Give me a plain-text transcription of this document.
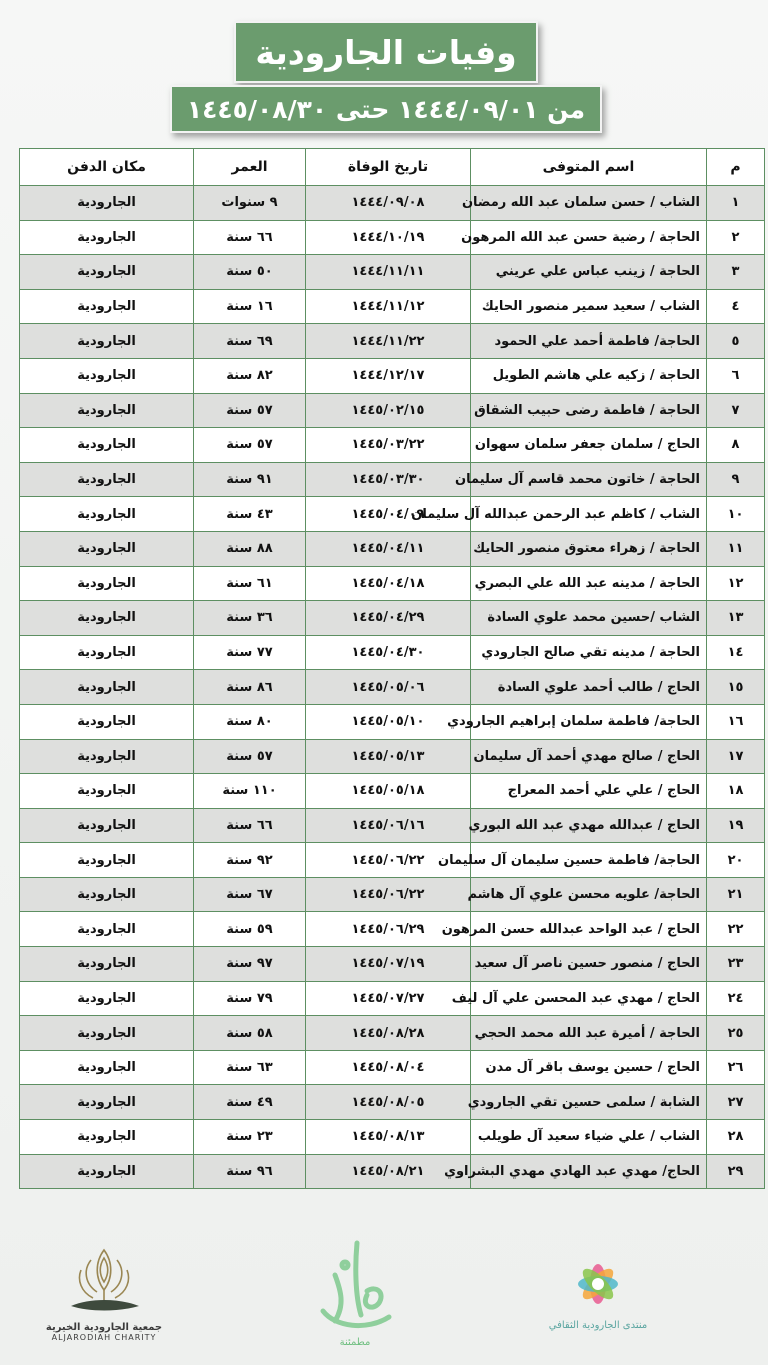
وفيات الجارودية
من ١٤٤٤/٠٩/٠١ حتى ١٤٤٥/٠٨/٣٠
م	اسم المتوفى	تاريخ الوفاة	العمر	مكان الدفن
١	الشاب / حسن سلمان عبد الله رمضان	١٤٤٤/٠٩/٠٨	٩ سنوات	الجارودية
٢	الحاجة / رضية حسن عبد الله المرهون	١٤٤٤/١٠/١٩	٦٦ سنة	الجارودية
٣	الحاجة / زينب عباس علي عريني	١٤٤٤/١١/١١	٥٠ سنة	الجارودية
٤	الشاب / سعيد سمير منصور الحايك	١٤٤٤/١١/١٢	١٦ سنة	الجارودية
٥	الحاجة/ فاطمة أحمد علي الحمود	١٤٤٤/١١/٢٢	٦٩ سنة	الجارودية
٦	الحاجة / زكيه علي هاشم الطويل	١٤٤٤/١٢/١٧	٨٢ سنة	الجارودية
٧	الحاجة / فاطمة رضى حبيب الشقاق	١٤٤٥/٠٢/١٥	٥٧ سنة	الجارودية
٨	الحاج / سلمان جعفر سلمان سهوان	١٤٤٥/٠٣/٢٢	٥٧ سنة	الجارودية
٩	الحاجة / خاتون محمد قاسم آل سليمان	١٤٤٥/٠٣/٣٠	٩١ سنة	الجارودية
١٠	الشاب / كاظم عبد الرحمن عبدالله آل سليمان	١٤٤٥/٠٤/٠٩	٤٣ سنة	الجارودية
١١	الحاجة / زهراء معتوق منصور الحايك	١٤٤٥/٠٤/١١	٨٨ سنة	الجارودية
١٢	الحاجة / مدينه عبد الله علي البصري	١٤٤٥/٠٤/١٨	٦١ سنة	الجارودية
١٣	الشاب /حسين محمد علوي السادة	١٤٤٥/٠٤/٢٩	٣٦ سنة	الجارودية
١٤	الحاجة / مدينه تقي صالح الجارودي	١٤٤٥/٠٤/٣٠	٧٧ سنة	الجارودية
١٥	الحاج / طالب أحمد علوي السادة	١٤٤٥/٠٥/٠٦	٨٦ سنة	الجارودية
١٦	الحاجة/ فاطمة سلمان إبراهيم الجارودي	١٤٤٥/٠٥/١٠	٨٠ سنة	الجارودية
١٧	الحاج / صالح مهدي أحمد آل سليمان	١٤٤٥/٠٥/١٣	٥٧ سنة	الجارودية
١٨	الحاج / علي علي أحمد المعراج	١٤٤٥/٠٥/١٨	١١٠ سنة	الجارودية
١٩	الحاج / عبدالله مهدي عبد الله البوري	١٤٤٥/٠٦/١٦	٦٦ سنة	الجارودية
٢٠	الحاجة/ فاطمة حسين سليمان آل سليمان	١٤٤٥/٠٦/٢٢	٩٢ سنة	الجارودية
٢١	الحاجة/ علويه محسن علوي آل هاشم	١٤٤٥/٠٦/٢٢	٦٧ سنة	الجارودية
٢٢	الحاج / عبد الواحد عبدالله حسن المرهون	١٤٤٥/٠٦/٢٩	٥٩ سنة	الجارودية
٢٣	الحاج / منصور حسين ناصر آل سعيد	١٤٤٥/٠٧/١٩	٩٧ سنة	الجارودية
٢٤	الحاج / مهدي عبد المحسن علي آل ليف	١٤٤٥/٠٧/٢٧	٧٩ سنة	الجارودية
٢٥	الحاجة / أميرة عبد الله محمد الحجي	١٤٤٥/٠٨/٢٨	٥٨ سنة	الجارودية
٢٦	الحاج / حسين يوسف باقر آل مدن	١٤٤٥/٠٨/٠٤	٦٣ سنة	الجارودية
٢٧	الشابة / سلمى حسين تقي الجارودي	١٤٤٥/٠٨/٠٥	٤٩ سنة	الجارودية
٢٨	الشاب / علي ضياء سعيد آل طويلب	١٤٤٥/٠٨/١٣	٢٣ سنة	الجارودية
٢٩	الحاج/ مهدي عبد الهادي مهدي البشراوي	١٤٤٥/٠٨/٢١	٩٦ سنة	الجارودية
جمعية الجارودية الخيرية
ALJARODIAH CHARITY	مطمئنة
منتدى الجارودية الثقافي
